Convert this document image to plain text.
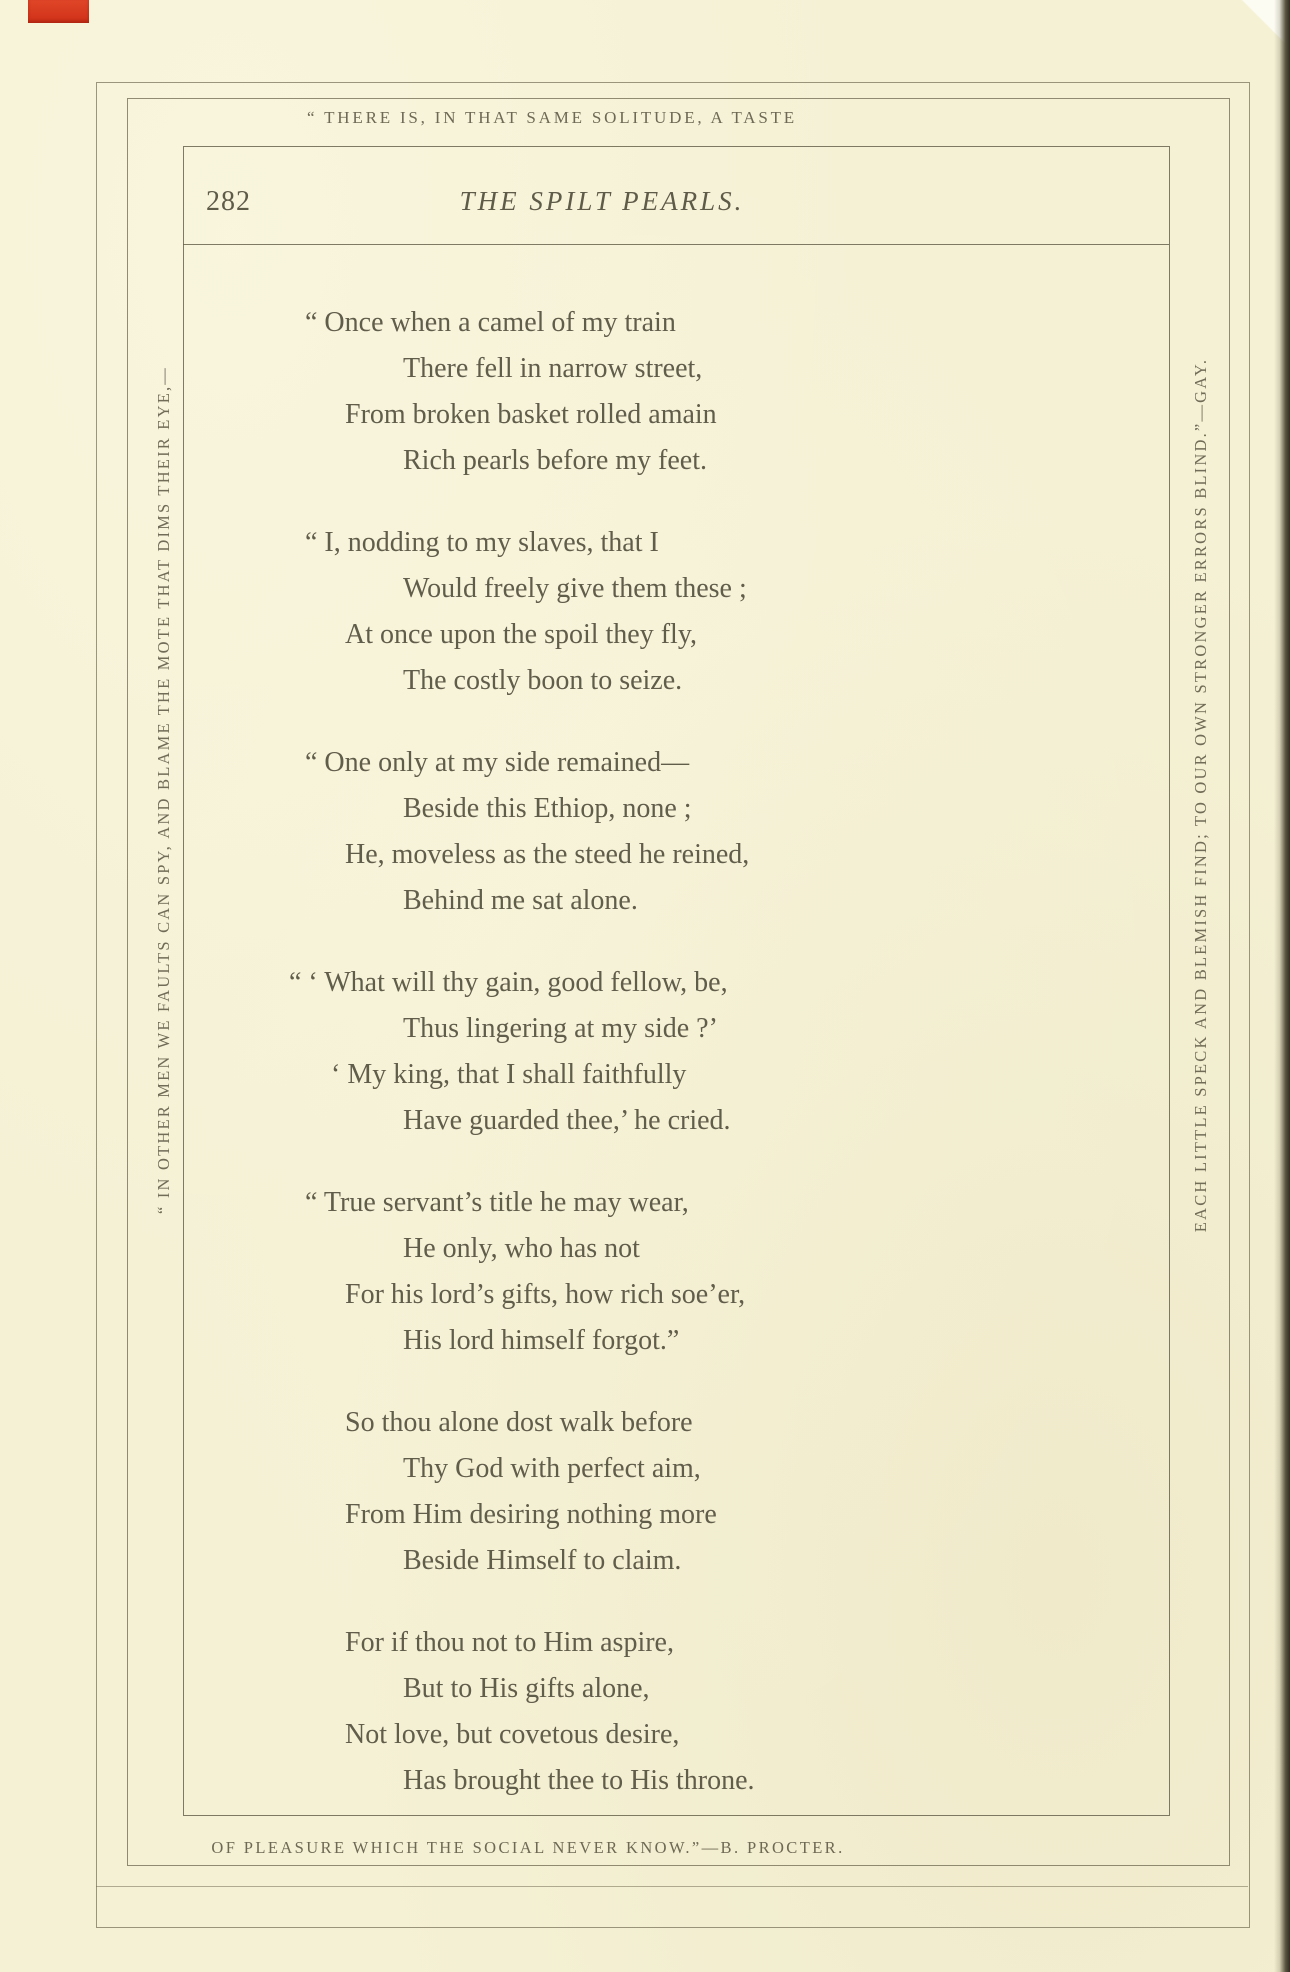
“ THERE IS, IN THAT SAME SOLITUDE, A TASTE
282	THE SPILT PEARLS.
“ Once when a camel of my train
There fell in narrow street,
From broken basket rolled amain
Rich pearls before my feet.
“ I, nodding to my slaves, that I
Would freely give them these ;
At once upon the spoil they fly,
The costly boon to seize.
“ One only at my side remained—
Beside this Ethiop, none ;
He, moveless as the steed he reined,
Behind me sat alone.
“ ‘ What will thy gain, good fellow, be,
Thus lingering at my side ?’
‘ My king, that I shall faithfully
Have guarded thee,’ he cried.
“ True servant’s title he may wear,
He only, who has not
For his lord’s gifts, how rich soe’er,
His lord himself forgot.”
So thou alone dost walk before
Thy God with perfect aim,
From Him desiring nothing more
Beside Himself to claim.
For if thou not to Him aspire,
But to His gifts alone,
Not love, but covetous desire,
Has brought thee to His throne.
“ IN OTHER MEN WE FAULTS CAN SPY, AND BLAME THE MOTE THAT DIMS THEIR EYE,—	EACH LITTLE SPECK AND BLEMISH FIND; TO OUR OWN STRONGER ERRORS BLIND.”—GAY.
OF PLEASURE WHICH THE SOCIAL NEVER KNOW.”—B. PROCTER.
